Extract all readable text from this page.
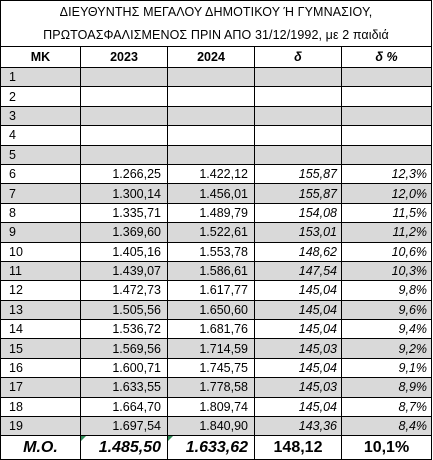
ΔΙΕΥΘΥΝΤΗΣ ΜΕΓΑΛΟΥ ΔΗΜΟΤΙΚΟΥ Ή ΓΥΜΝΑΣΙΟΥ,				
ΠΡΩΤΟΑΣΦΑΛΙΣΜΕΝΟΣ ΠΡΙΝ ΑΠΟ 31/12/1992, με 2 παιδιά				
ΜΚ	2023	2024	δ	δ %
1				
2				
3				
4				
5				
6	1.266,25	1.422,12	155,87	12,3%
7	1.300,14	1.456,01	155,87	12,0%
8	1.335,71	1.489,79	154,08	11,5%
9	1.369,60	1.522,61	153,01	11,2%
10	1.405,16	1.553,78	148,62	10,6%
11	1.439,07	1.586,61	147,54	10,3%
12	1.472,73	1.617,77	145,04	9,8%
13	1.505,56	1.650,60	145,04	9,6%
14	1.536,72	1.681,76	145,04	9,4%
15	1.569,56	1.714,59	145,03	9,2%
16	1.600,71	1.745,75	145,04	9,1%
17	1.633,55	1.778,58	145,03	8,9%
18	1.664,70	1.809,74	145,04	8,7%
19	1.697,54	1.840,90	143,36	8,4%
Μ.Ο.	1.485,50	1.633,62	148,12	10,1%
